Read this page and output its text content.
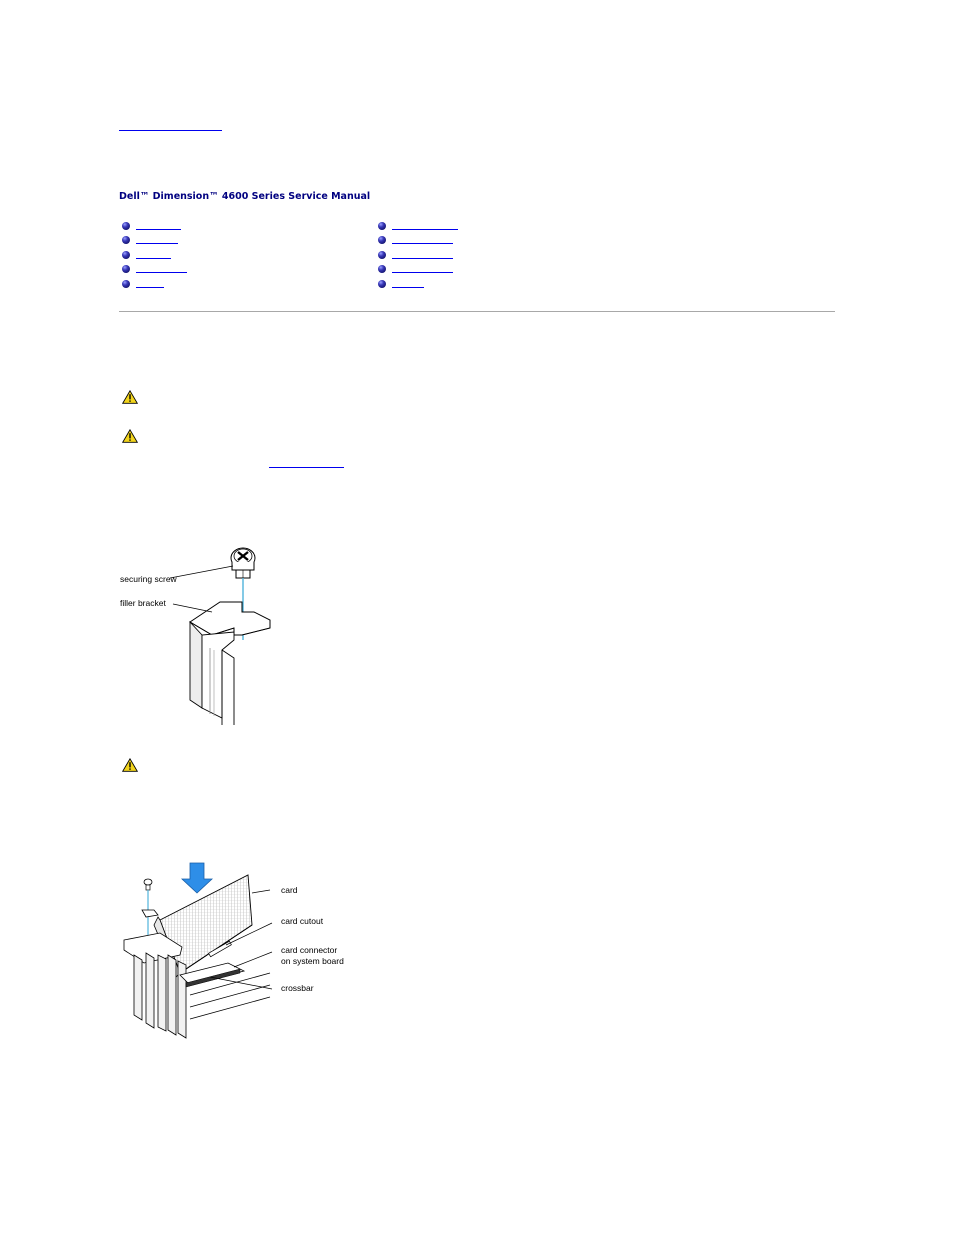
Dell™ Dimension™ 4600 Series Service Manual
securing screw
filler bracket
card
card cutout
card connector
on system board
crossbar
